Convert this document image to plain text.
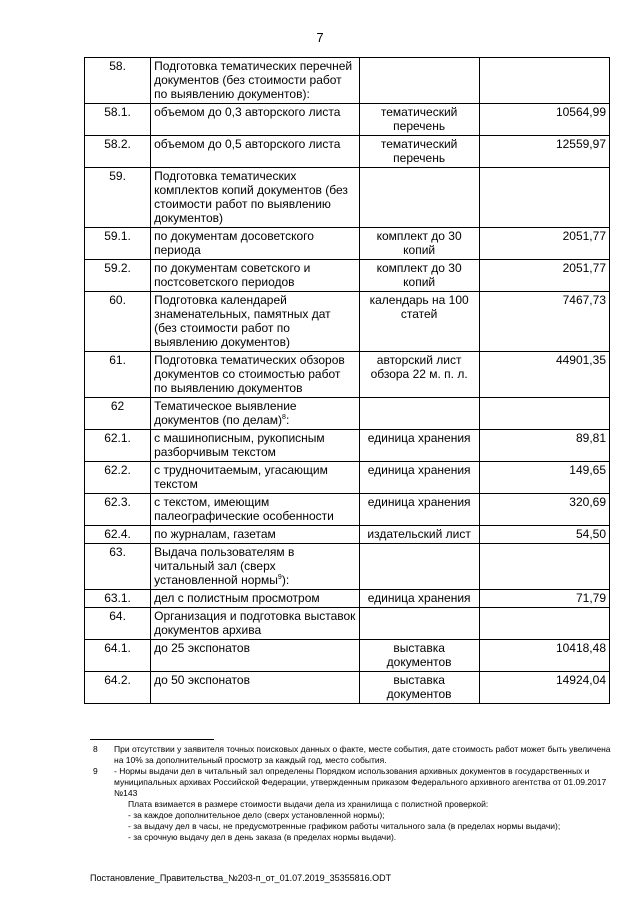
7
58.	Подготовка тематических перечней документов (без стоимости работ по выявлению документов):		
58.1.	объемом до 0,3 авторского листа	тематический перечень	10564,99
58.2.	объемом до 0,5 авторского листа	тематический перечень	12559,97
59.	Подготовка тематических комплектов копий документов (без стоимости работ по выявлению документов)		
59.1.	по документам досоветского периода	комплект до 30 копий	2051,77
59.2.	по документам советского и постсоветского периодов	комплект до 30 копий	2051,77
60.	Подготовка календарей знаменательных, памятных дат (без стоимости работ по выявлению документов)	календарь на 100 статей	7467,73
61.	Подготовка тематических обзоров документов со стоимостью работ по выявлению документов	авторский лист обзора 22 м. п. л.	44901,35
62	Тематическое выявление документов (по делам)$^8$:		
62.1.	с машинописным, рукописным разборчивым текстом	единица хранения	89,81
62.2.	с трудночитаемым, угасающим текстом	единица хранения	149,65
62.3.	с текстом, имеющим палеографические особенности	единица хранения	320,69
62.4.	по журналам, газетам	издательский лист	54,50
63.	Выдача пользователям в читальный зал (сверх установленной нормы$^9$):		
63.1.	дел с полистным просмотром	единица хранения	71,79
64.	Организация и подготовка выставок документов архива		
64.1.	до 25 экспонатов	выставка документов	10418,48
64.2.	до 50 экспонатов	выставка документов	14924,04
8	При отсутствии у заявителя точных поисковых данных о факте, месте события, дате стоимость работ может быть увеличена на 10% за дополнительный просмотр за каждый год, место события.
9	- Нормы выдачи дел в читальный зал определены Порядком использования архивных документов в государственных и муниципальных архивах Российской Федерации, утвержденным приказом Федерального архивного агентства от 01.09.2017 №143
Плата взимается в размере стоимости выдачи дела из хранилища с полистной проверкой:
- за каждое дополнительное дело (сверх установленной нормы);
- за выдачу дел в часы, не предусмотренные графиком работы читального зала (в пределах нормы выдачи);
- за срочную выдачу дел в день заказа (в пределах нормы выдачи).
Постановление_Правительства_№203-п_от_01.07.2019_35355816.ODT
